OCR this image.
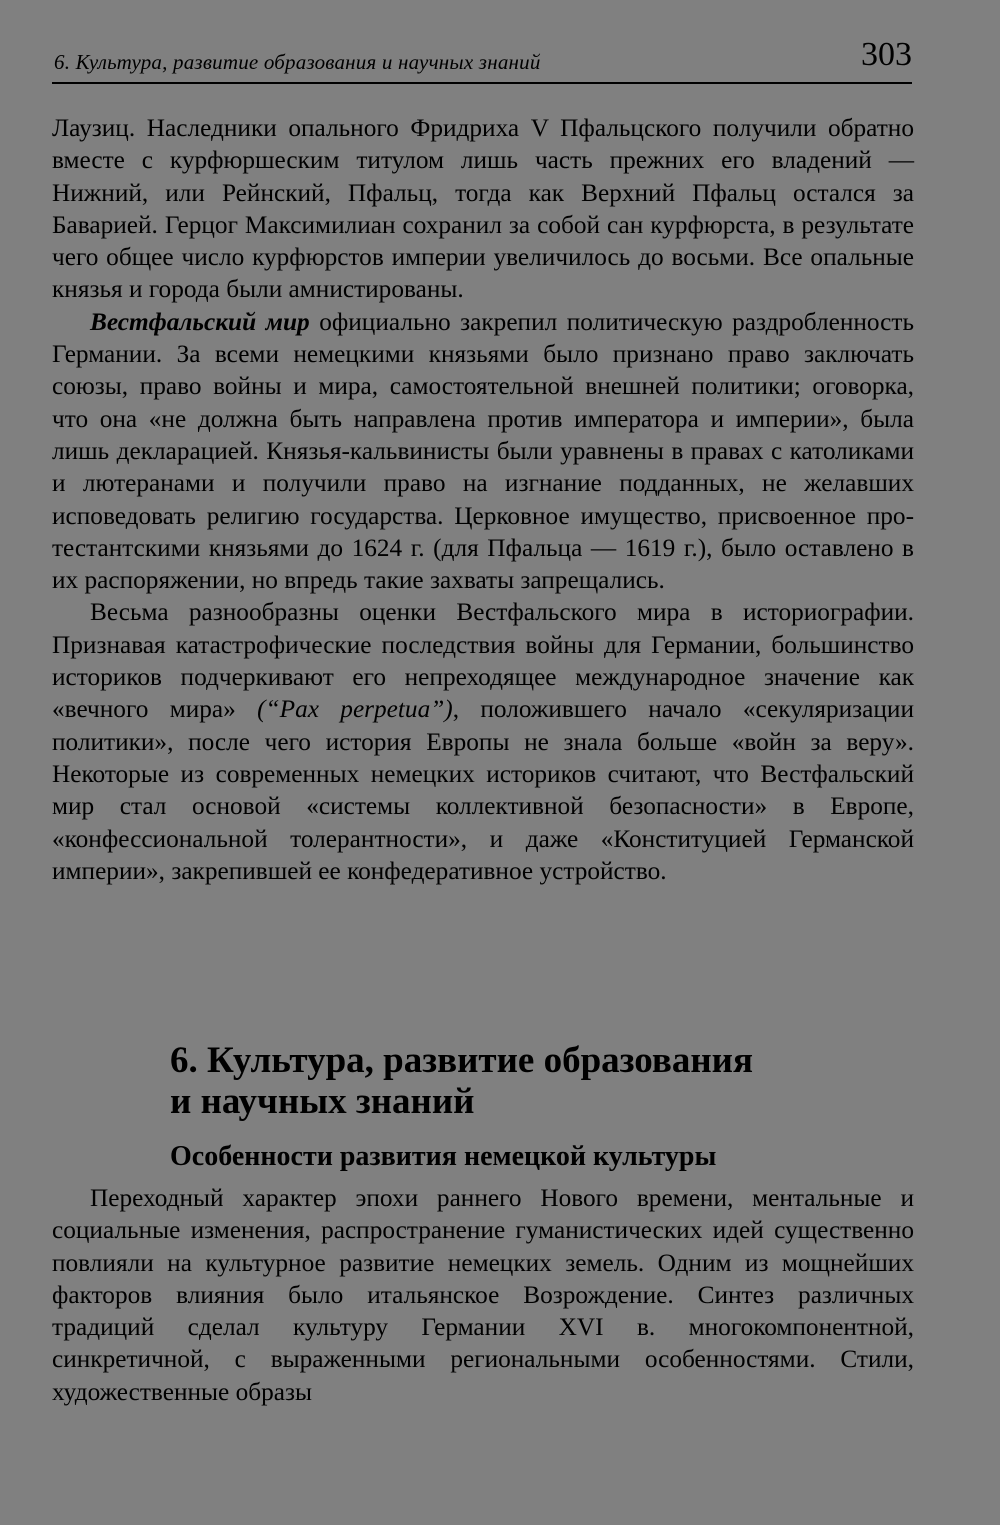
6. Культура, развитие образования и научных знаний	303

Лаузиц. Наследники опального Фридриха V Пфальцского получили обратно вместе с курфюршеским титулом лишь часть прежних его владений — Нижний, или Рейнский, Пфальц, тогда как Верхний Пфальц остался за Баварией. Герцог Максимилиан сохранил за собой сан курфюрста, в результате чего общее число курфюрстов империи увеличилось до восьми. Все опальные князья и города были амнистированы.

Вестфальский мир официально закрепил политическую раздробленность Германии. За всеми немецкими князьями было признано право заключать союзы, право войны и мира, самостоятельной внешней политики; оговорка, что она «не должна быть направлена против императора и империи», была лишь декларацией. Князья-кальвинисты были уравнены в правах с католиками и лютеранами и получили право на изгнание подданных, не желавших исповедовать религию государства. Церковное имущество, присвоенное протестантскими князьями до 1624 г. (для Пфальца — 1619 г.), было оставлено в их распоряжении, но впредь такие захваты запрещались.

Весьма разнообразны оценки Вестфальского мира в историографии. Признавая катастрофические последствия войны для Германии, большинство историков подчеркивают его непреходящее международное значение как «вечного мира» (“Pax perpetua”), положившего начало «секуляризации политики», после чего история Европы не знала больше «войн за веру». Некоторые из современных немецких историков считают, что Вестфальский мир стал основой «системы коллективной безопасности» в Европе, «конфессиональной толерантности», и даже «Конституцией Германской империи», закрепившей ее конфедеративное устройство.

6. Культура, развитие образования
и научных знаний
Особенности развития немецкой культуры

Переходный характер эпохи раннего Нового времени, ментальные и социальные изменения, распространение гуманистических идей существенно повлияли на культурное развитие немецких земель. Одним из мощнейших факторов влияния было итальянское Возрождение. Синтез различных традиций сделал культуру Германии XVI в. многокомпонентной, синкретичной, с выраженными региональными особенностями. Стили, художественные образы
